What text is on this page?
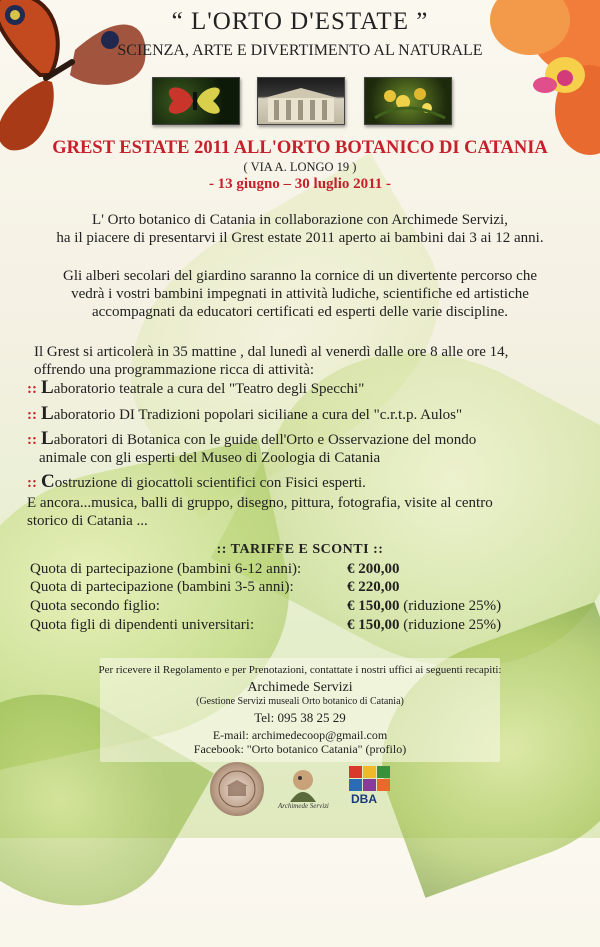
“ L'ORTO D'ESTATE ”
SCIENZA, ARTE E DIVERTIMENTO AL NATURALE
GREST ESTATE 2011 ALL'ORTO BOTANICO DI CATANIA
( VIA A. LONGO 19 )
- 13 giugno – 30 luglio 2011 -
L' Orto botanico di Catania in collaborazione con Archimede Servizi,
ha il piacere di presentarvi il Grest estate 2011 aperto ai bambini dai 3 ai 12 anni.
Gli alberi secolari del giardino saranno la cornice di un divertente percorso che
vedrà i vostri bambini impegnati in attività ludiche, scientifiche ed artistiche
accompagnati da educatori certificati ed esperti delle varie discipline.
Il Grest si articolerà in 35 mattine , dal lunedì al venerdì dalle ore 8 alle ore 14,
offrendo una programmazione ricca di attività:
:: Laboratorio teatrale a cura del "Teatro degli Specchi"
:: Laboratorio DI Tradizioni popolari siciliane a cura del "c.r.t.p. Aulos"
:: Laboratori di Botanica con le guide dell'Orto e Osservazione del mondo
animale con gli esperti del Museo di Zoologia di Catania
:: Costruzione di giocattoli scientifici con Fisici esperti.
E ancora...musica, balli di gruppo, disegno, pittura, fotografia, visite al centro
storico di Catania ...
:: TARIFFE E SCONTI ::
Quota di partecipazione (bambini 6-12 anni):	€ 200,00
Quota di partecipazione (bambini 3-5 anni):	€ 220,00
Quota secondo figlio:	€ 150,00 (riduzione 25%)
Quota figli di dipendenti universitari:	€ 150,00 (riduzione 25%)
Per ricevere il Regolamento e per Prenotazioni, contattate i nostri uffici ai seguenti recapiti:
Archimede Servizi
(Gestione Servizi museali Orto botanico di Catania)
Tel: 095 38 25 29
E-mail: archimedecoop@gmail.com
Facebook: "Orto botanico Catania" (profilo)
Archimede Servizi	DBA
